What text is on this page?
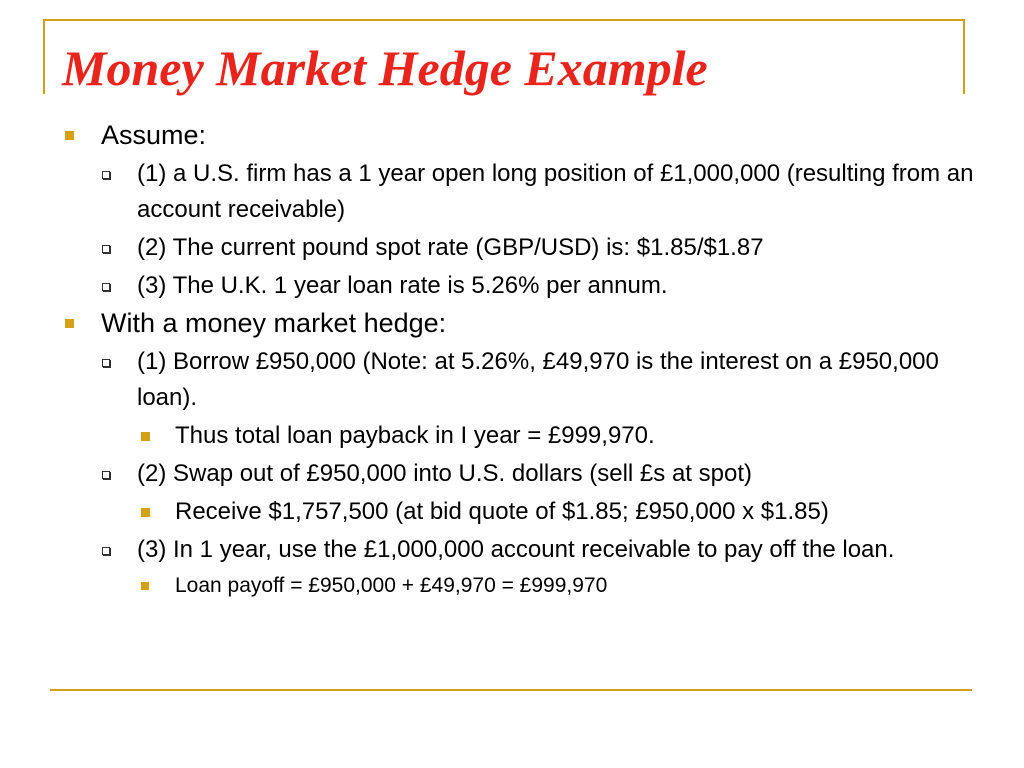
Money Market Hedge Example
Assume:
(1) a U.S. firm has a 1 year open long position of £1,000,000 (resulting from an account receivable)
(2) The current pound spot rate (GBP/USD) is: $1.85/$1.87
(3) The U.K. 1 year loan rate is 5.26% per annum.
With a money market hedge:
(1) Borrow £950,000 (Note: at 5.26%, £49,970 is the interest on a £950,000 loan).
Thus total loan payback in I year = £999,970.
(2) Swap out of £950,000 into U.S. dollars (sell £s at spot)
Receive $1,757,500 (at bid quote of $1.85; £950,000 x $1.85)
(3) In 1 year, use the £1,000,000 account receivable to pay off the loan.
Loan payoff = £950,000 + £49,970 = £999,970
